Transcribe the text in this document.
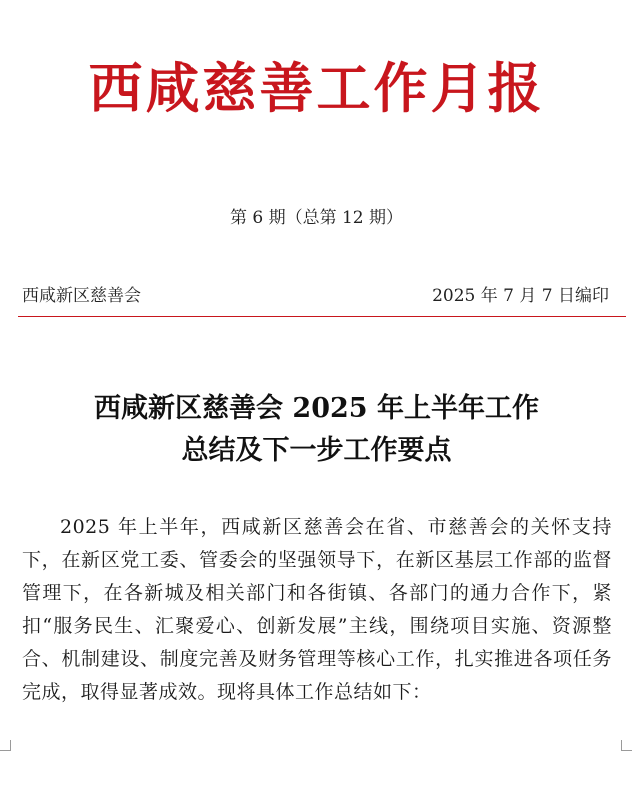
西咸慈善工作月报
第 6 期（总第 12 期）
西咸新区慈善会	2025 年 7 月 7 日编印
西咸新区慈善会 2025 年上半年工作
总结及下一步工作要点

2025 年上半年，西咸新区慈善会在省、市慈善会的关怀支持下，在新区党工委、管委会的坚强领导下，在新区基层工作部的监督管理下，在各新城及相关部门和各街镇、各部门的通力合作下，紧扣“服务民生、汇聚爱心、创新发展”主线，围绕项目实施、资源整合、机制建设、制度完善及财务管理等核心工作，扎实推进各项任务完成，取得显著成效。现将具体工作总结如下：
